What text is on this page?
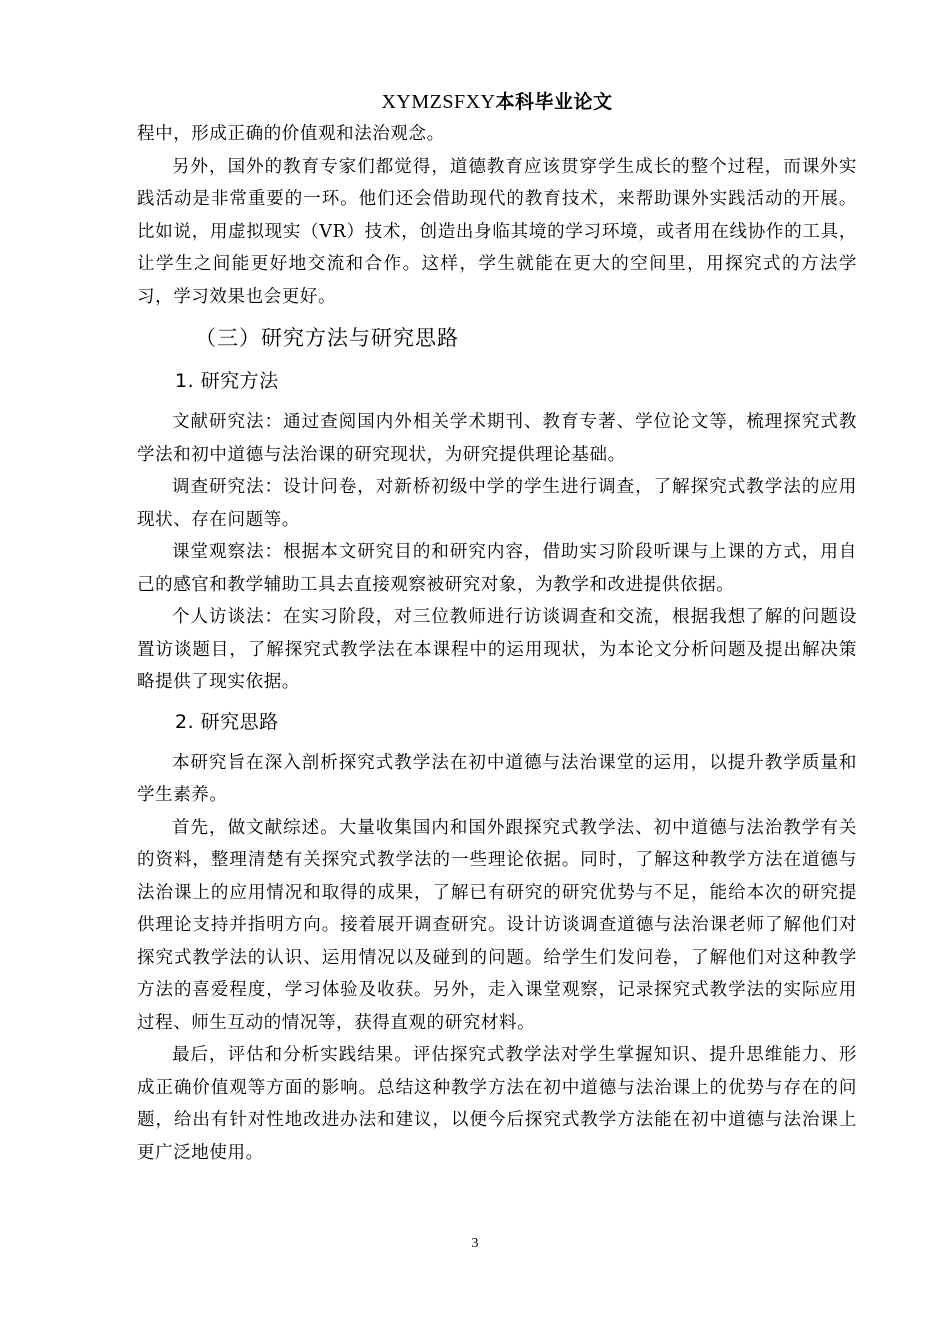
XYMZSFXY本科毕业论文

程中，形成正确的价值观和法治观念。

另外，国外的教育专家们都觉得，道德教育应该贯穿学生成长的整个过程，而课外实践活动是非常重要的一环。他们还会借助现代的教育技术，来帮助课外实践活动的开展。比如说，用虚拟现实（VR）技术，创造出身临其境的学习环境，或者用在线协作的工具，让学生之间能更好地交流和合作。这样，学生就能在更大的空间里，用探究式的方法学习，学习效果也会更好。

（三）研究方法与研究思路
1. 研究方法

文献研究法：通过查阅国内外相关学术期刊、教育专著、学位论文等，梳理探究式教学法和初中道德与法治课的研究现状，为研究提供理论基础。

调查研究法：设计问卷，对新桥初级中学的学生进行调查，了解探究式教学法的应用现状、存在问题等。

课堂观察法：根据本文研究目的和研究内容，借助实习阶段听课与上课的方式，用自己的感官和教学辅助工具去直接观察被研究对象，为教学和改进提供依据。

个人访谈法：在实习阶段，对三位教师进行访谈调查和交流，根据我想了解的问题设置访谈题目，了解探究式教学法在本课程中的运用现状，为本论文分析问题及提出解决策略提供了现实依据。

2. 研究思路

本研究旨在深入剖析探究式教学法在初中道德与法治课堂的运用，以提升教学质量和学生素养。

首先，做文献综述。大量收集国内和国外跟探究式教学法、初中道德与法治教学有关的资料，整理清楚有关探究式教学法的一些理论依据。同时，了解这种教学方法在道德与法治课上的应用情况和取得的成果，了解已有研究的研究优势与不足，能给本次的研究提供理论支持并指明方向。接着展开调查研究。设计访谈调查道德与法治课老师了解他们对探究式教学法的认识、运用情况以及碰到的问题。给学生们发问卷，了解他们对这种教学方法的喜爱程度，学习体验及收获。另外，走入课堂观察，记录探究式教学法的实际应用过程、师生互动的情况等，获得直观的研究材料。

最后，评估和分析实践结果。评估探究式教学法对学生掌握知识、提升思维能力、形成正确价值观等方面的影响。总结这种教学方法在初中道德与法治课上的优势与存在的问题，给出有针对性地改进办法和建议，以便今后探究式教学方法能在初中道德与法治课上更广泛地使用。

3
